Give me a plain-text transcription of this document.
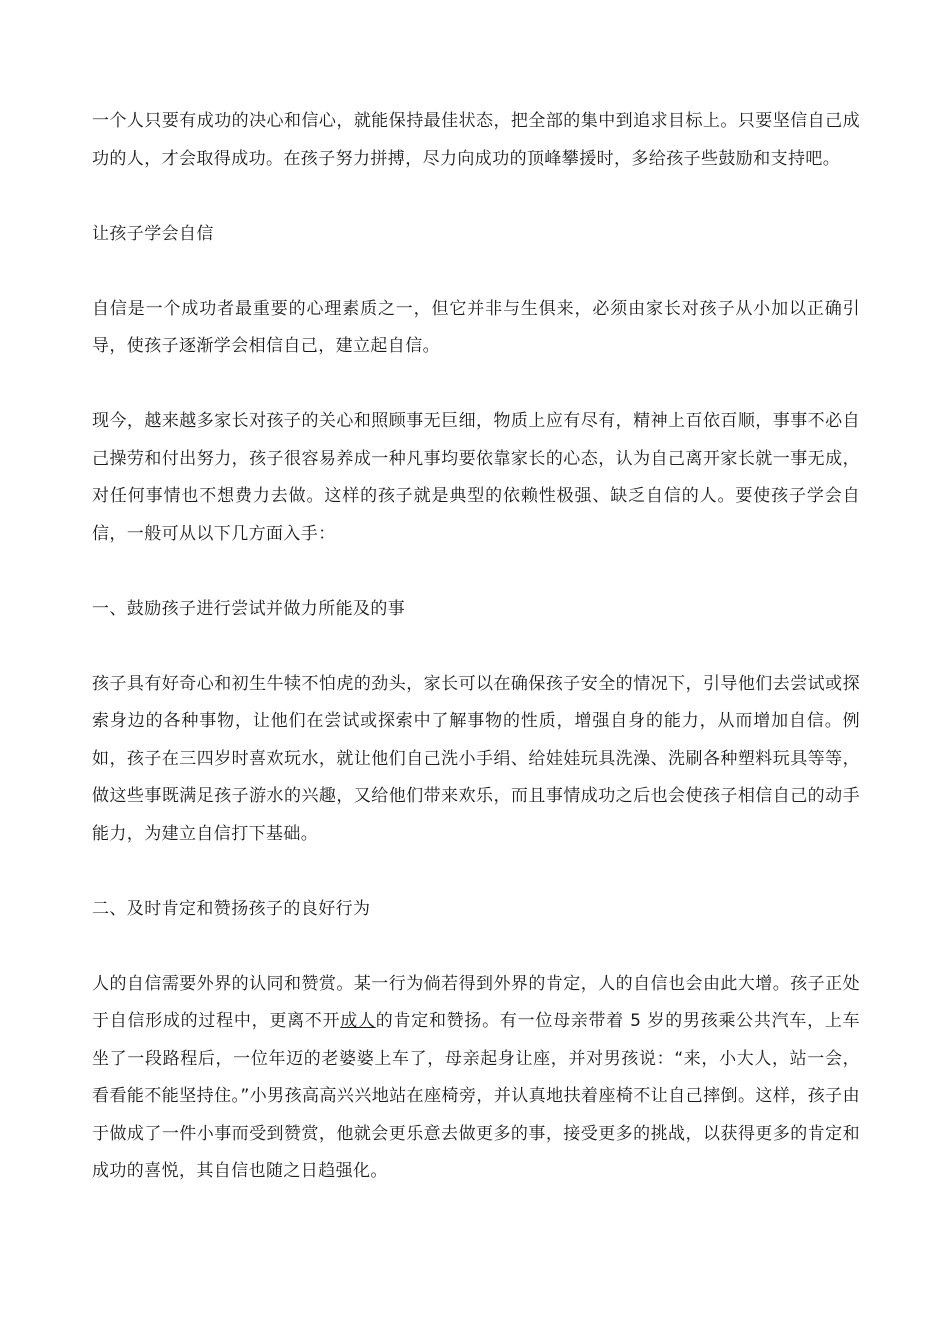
一个人只要有成功的决心和信心，就能保持最佳状态，把全部的集中到追求目标上。只要坚信自己成功的人，才会取得成功。在孩子努力拼搏，尽力向成功的顶峰攀援时，多给孩子些鼓励和支持吧。

让孩子学会自信

自信是一个成功者最重要的心理素质之一，但它并非与生俱来，必须由家长对孩子从小加以正确引导，使孩子逐渐学会相信自己，建立起自信。

现今，越来越多家长对孩子的关心和照顾事无巨细，物质上应有尽有，精神上百依百顺，事事不必自己操劳和付出努力，孩子很容易养成一种凡事均要依靠家长的心态，认为自己离开家长就一事无成，对任何事情也不想费力去做。这样的孩子就是典型的依赖性极强、缺乏自信的人。要使孩子学会自信，一般可从以下几方面入手：

一、鼓励孩子进行尝试并做力所能及的事

孩子具有好奇心和初生牛犊不怕虎的劲头，家长可以在确保孩子安全的情况下，引导他们去尝试或探索身边的各种事物，让他们在尝试或探索中了解事物的性质，增强自身的能力，从而增加自信。例如，孩子在三四岁时喜欢玩水，就让他们自己洗小手绢、给娃娃玩具洗澡、洗刷各种塑料玩具等等，做这些事既满足孩子游水的兴趣，又给他们带来欢乐，而且事情成功之后也会使孩子相信自己的动手能力，为建立自信打下基础。

二、及时肯定和赞扬孩子的良好行为

人的自信需要外界的认同和赞赏。某一行为倘若得到外界的肯定，人的自信也会由此大增。孩子正处于自信形成的过程中，更离不开成人的肯定和赞扬。有一位母亲带着 5 岁的男孩乘公共汽车，上车坐了一段路程后，一位年迈的老婆婆上车了，母亲起身让座，并对男孩说：“来，小大人，站一会，看看能不能坚持住。”小男孩高高兴兴地站在座椅旁，并认真地扶着座椅不让自己摔倒。这样，孩子由于做成了一件小事而受到赞赏，他就会更乐意去做更多的事，接受更多的挑战，以获得更多的肯定和成功的喜悦，其自信也随之日趋强化。
